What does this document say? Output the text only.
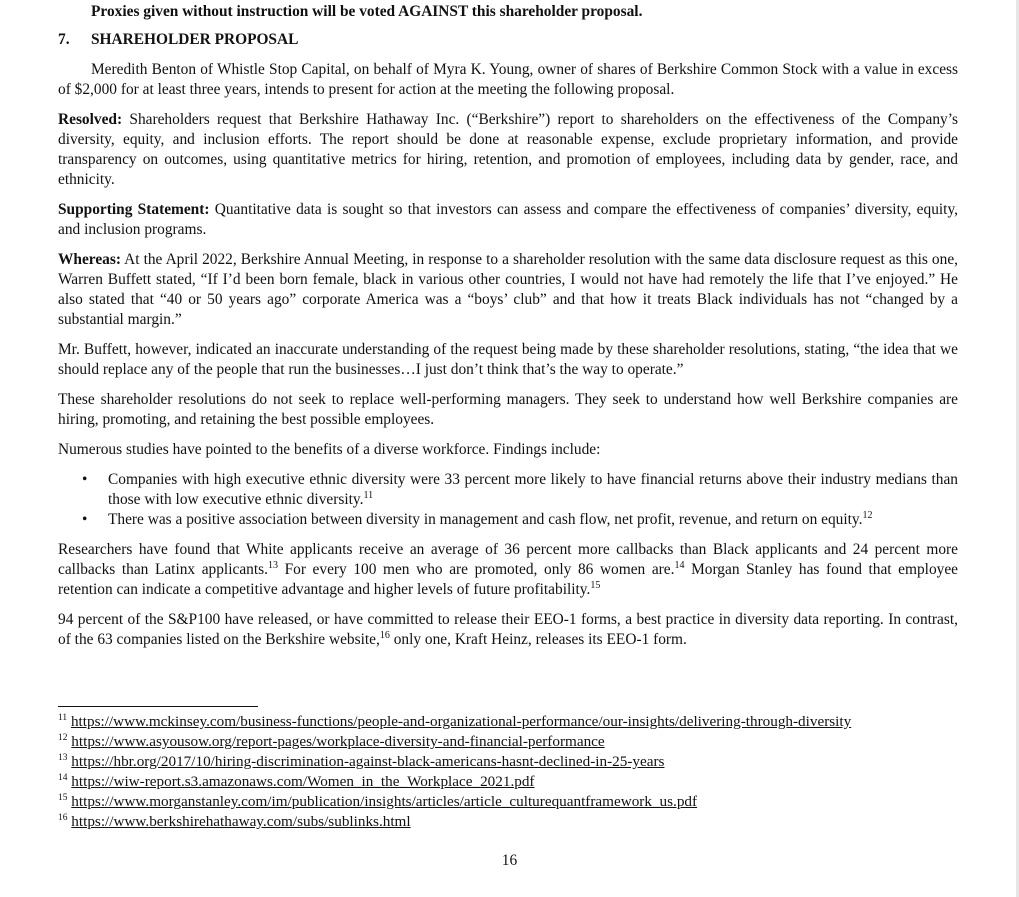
Proxies given without instruction will be voted AGAINST this shareholder proposal.

7. SHAREHOLDER PROPOSAL

Meredith Benton of Whistle Stop Capital, on behalf of Myra K. Young, owner of shares of Berkshire Common Stock with a value in excess of $2,000 for at least three years, intends to present for action at the meeting the following proposal.

Resolved: Shareholders request that Berkshire Hathaway Inc. (“Berkshire”) report to shareholders on the effectiveness of the Company’s diversity, equity, and inclusion efforts. The report should be done at reasonable expense, exclude proprietary information, and provide transparency on outcomes, using quantitative metrics for hiring, retention, and promotion of employees, including data by gender, race, and ethnicity.

Supporting Statement: Quantitative data is sought so that investors can assess and compare the effectiveness of companies’ diversity, equity, and inclusion programs.

Whereas: At the April 2022, Berkshire Annual Meeting, in response to a shareholder resolution with the same data disclosure request as this one, Warren Buffett stated, “If I’d been born female, black in various other countries, I would not have had remotely the life that I’ve enjoyed.” He also stated that “40 or 50 years ago” corporate America was a “boys’ club” and that how it treats Black individuals has not “changed by a substantial margin.”

Mr. Buffett, however, indicated an inaccurate understanding of the request being made by these shareholder resolutions, stating, “the idea that we should replace any of the people that run the businesses…I just don’t think that’s the way to operate.”

These shareholder resolutions do not seek to replace well-performing managers. They seek to understand how well Berkshire companies are hiring, promoting, and retaining the best possible employees.

Numerous studies have pointed to the benefits of a diverse workforce. Findings include:

• Companies with high executive ethnic diversity were 33 percent more likely to have financial returns above their industry medians than those with low executive ethnic diversity.$^{11}$
• There was a positive association between diversity in management and cash flow, net profit, revenue, and return on equity.$^{12}$

Researchers have found that White applicants receive an average of 36 percent more callbacks than Black applicants and 24 percent more callbacks than Latinx applicants.$^{13}$ For every 100 men who are promoted, only 86 women are.$^{14}$ Morgan Stanley has found that employee retention can indicate a competitive advantage and higher levels of future profitability.$^{15}$

94 percent of the S&P100 have released, or have committed to release their EEO-1 forms, a best practice in diversity data reporting. In contrast, of the 63 companies listed on the Berkshire website,$^{16}$ only one, Kraft Heinz, releases its EEO-1 form.

$^{11}$ https://www.mckinsey.com/business-functions/people-and-organizational-performance/our-insights/delivering-through-diversity
$^{12}$ https://www.asyousow.org/report-pages/workplace-diversity-and-financial-performance
$^{13}$ https://hbr.org/2017/10/hiring-discrimination-against-black-americans-hasnt-declined-in-25-years
$^{14}$ https://wiw-report.s3.amazonaws.com/Women_in_the_Workplace_2021.pdf
$^{15}$ https://www.morganstanley.com/im/publication/insights/articles/article_culturequantframework_us.pdf
$^{16}$ https://www.berkshirehathaway.com/subs/sublinks.html
16
